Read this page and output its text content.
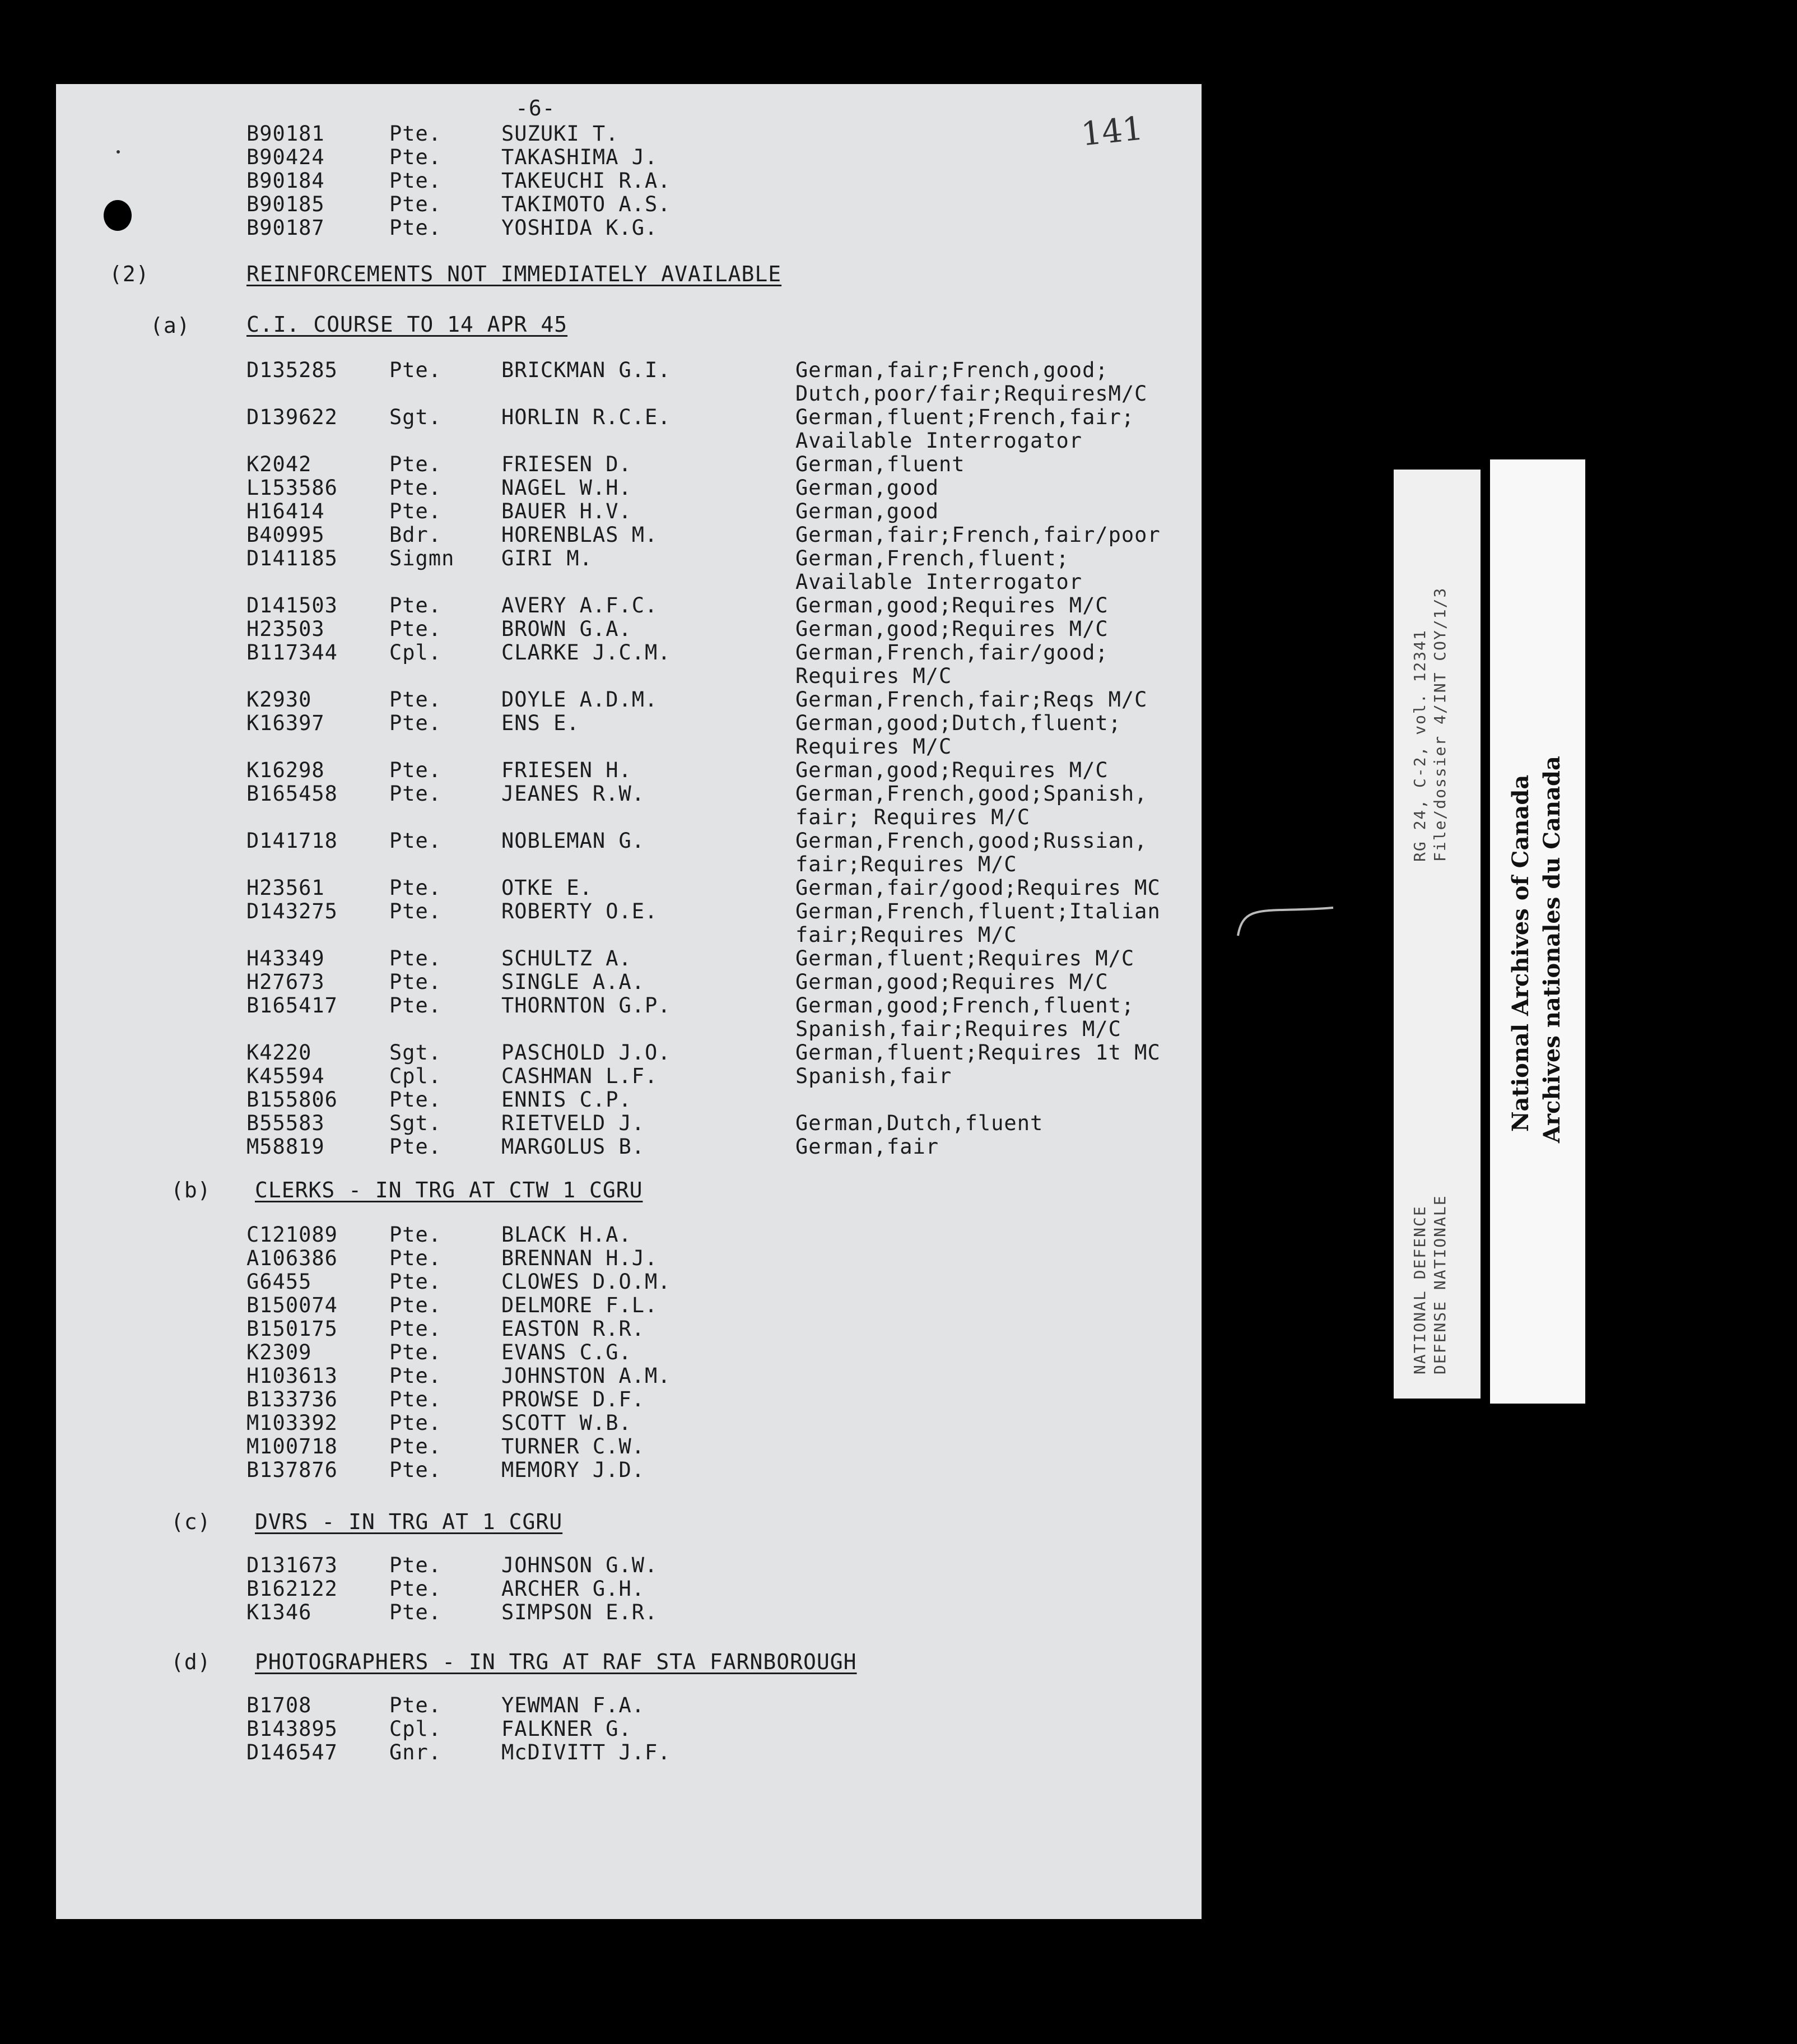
-6-
141
B90181	Pte.	SUZUKI T.
B90424	Pte.	TAKASHIMA J.
B90184	Pte.	TAKEUCHI R.A.
B90185	Pte.	TAKIMOTO A.S.
B90187	Pte.	YOSHIDA K.G.
(2)	REINFORCEMENTS NOT IMMEDIATELY AVAILABLE
(a)	C.I. COURSE TO 14 APR 45
D135285 Pte.	BRICKMAN G.I.	German,fair;French,good;
Dutch,poor/fair;RequiresM/C
D139622 Sgt.	HORLIN R.C.E.	German,fluent;French,fair;
Available Interrogator
K2042	Pte.	FRIESEN D.	German,fluent
L153586 Pte.	NAGEL W.H.	German,good
H16414	Pte.	BAUER H.V.	German,good
B40995	Bdr.	HORENBLAS M.	German,fair;French,fair/poor
D141185 Sigmn GIRI M.	German,French,fluent;
Available Interrogator
D141503 Pte.	AVERY A.F.C.	German,good;Requires M/C
H23503	Pte.	BROWN G.A.	German,good;Requires M/C
B117344 Cpl.	CLARKE J.C.M.	German,French,fair/good;
Requires M/C
K2930	Pte.	DOYLE A.D.M.	German,French,fair;Reqs M/C
K16397	Pte.	ENS E.	German,good;Dutch,fluent;
Requires M/C
K16298	Pte.	FRIESEN H.	German,good;Requires M/C
B165458 Pte.	JEANES R.W.	German,French,good;Spanish,
fair; Requires M/C
D141718 Pte.	NOBLEMAN G.	German,French,good;Russian,
fair;Requires M/C
H23561	Pte.	OTKE E.	German,fair/good;Requires MC
D143275 Pte.	ROBERTY O.E.	German,French,fluent;Italian
fair;Requires M/C
H43349	Pte.	SCHULTZ A.	German,fluent;Requires M/C
H27673	Pte.	SINGLE A.A.	German,good;Requires M/C
B165417 Pte.	THORNTON G.P.	German,good;French,fluent;
Spanish,fair;Requires M/C
K4220	Sgt.	PASCHOLD J.O.	German,fluent;Requires 1t MC
K45594	Cpl.	CASHMAN L.F.	Spanish,fair
B155806 Pte.	ENNIS C.P.
B55583	Sgt.	RIETVELD J.	German,Dutch,fluent
M58819	Pte.	MARGOLUS B.	German,fair
(b) CLERKS - IN TRG AT CTW 1 CGRU
C121089 Pte.	BLACK H.A.
A106386 Pte.	BRENNAN H.J.
G6455	Pte.	CLOWES D.O.M.
B150074 Pte.	DELMORE F.L.
B150175 Pte.	EASTON R.R.
K2309	Pte.	EVANS C.G.
H103613 Pte.	JOHNSTON A.M.
B133736 Pte.	PROWSE D.F.
M103392 Pte.	SCOTT W.B.
M100718 Pte.	TURNER C.W.
B137876 Pte.	MEMORY J.D.
(c) DVRS - IN TRG AT 1 CGRU
D131673 Pte.	JOHNSON G.W.
B162122 Pte.	ARCHER G.H.
K1346	Pte.	SIMPSON E.R.
(d) PHOTOGRAPHERS - IN TRG AT RAF STA FARNBOROUGH
B1708	Pte.	YEWMAN F.A.
B143895 Cpl.	FALKNER G.
D146547 Gnr.	McDIVITT J.F.
RG 24, C-2, vol. 12341 File/dossier 4/INT COY/1/3
NATIONAL DEFENCE DEFENSE NATIONALE
National Archives of Canada Archives nationales du Canada
